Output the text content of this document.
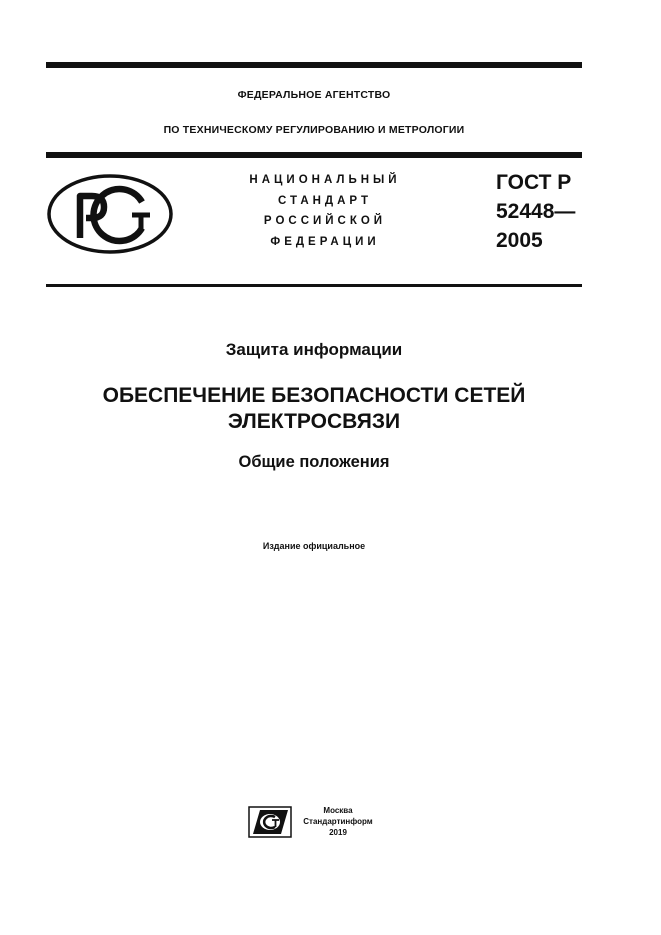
ФЕДЕРАЛЬНОЕ АГЕНТСТВО
ПО ТЕХНИЧЕСКОМУ РЕГУЛИРОВАНИЮ И МЕТРОЛОГИИ
НАЦИОНАЛЬНЫЙ
СТАНДАРТ
РОССИЙСКОЙ
ФЕДЕРАЦИИ
ГОСТ Р
52448—
2005
Защита информации
ОБЕСПЕЧЕНИЕ БЕЗОПАСНОСТИ СЕТЕЙ
ЭЛЕКТРОСВЯЗИ
Общие положения
Издание официальное
Москва
Стандартинформ
2019
